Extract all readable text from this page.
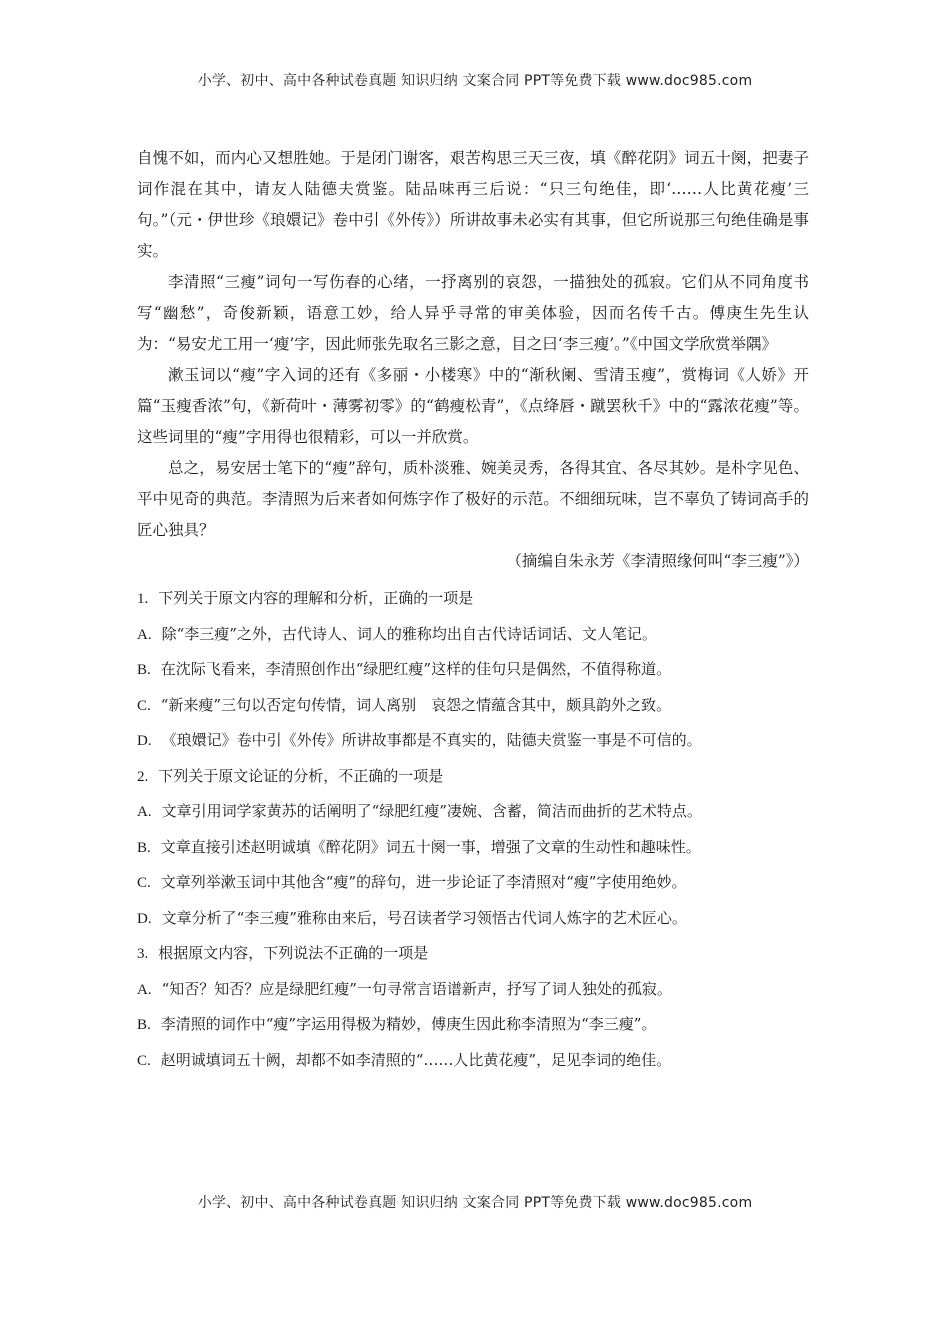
小学、初中、高中各种试卷真题 知识归纳 文案合同 PPT等免费下载 www.doc985.com

自愧不如，而内心又想胜她。于是闭门谢客，艰苦构思三天三夜，填《醉花阴》词五十阕，把妻子词作混在其中，请友人陆德夫赏鉴。陆品味再三后说：“只三句绝佳，即‘……人比黄花瘦’三句。”（元・伊世珍《琅嬛记》卷中引《外传》）所讲故事未必实有其事，但它所说那三句绝佳确是事实。

李清照“三瘦”词句一写伤春的心绪，一抒离别的哀怨，一描独处的孤寂。它们从不同角度书写“幽愁”，奇俊新颖，语意工妙，给人异乎寻常的审美体验，因而名传千古。傅庚生先生认为：“易安尤工用一‘瘦’字，因此师张先取名三影之意，目之曰‘李三瘦’。”《中国文学欣赏举隅》

漱玉词以“瘦”字入词的还有《多丽・小楼寒》中的“渐秋阑、雪清玉瘦”，赏梅词《人娇》开篇“玉瘦香浓”句，《新荷叶・薄雾初零》的“鹤瘦松青”，《点绛唇・蹴罢秋千》中的“露浓花瘦”等。这些词里的“瘦”字用得也很精彩，可以一并欣赏。

总之，易安居士笔下的“瘦”辞句，质朴淡雅、婉美灵秀，各得其宜、各尽其妙。是朴字见色、平中见奇的典范。李清照为后来者如何炼字作了极好的示范。不细细玩味，岂不辜负了铸词高手的匠心独具？

（摘编自朱永芳《李清照缘何叫“李三瘦”》）

1. 下列关于原文内容的理解和分析，正确的一项是

A. 除“李三瘦”之外，古代诗人、词人的雅称均出自古代诗话词话、文人笔记。

B. 在沈际飞看来，李清照创作出“绿肥红瘦”这样的佳句只是偶然，不值得称道。

C. “新来瘦”三句以否定句传情，词人离别　哀怨之情蕴含其中，颇具韵外之致。

D. 《琅嬛记》卷中引《外传》所讲故事都是不真实的，陆德夫赏鉴一事是不可信的。

2. 下列关于原文论证的分析，不正确的一项是

A. 文章引用词学家黄苏的话阐明了“绿肥红瘦”凄婉、含蓄，简洁而曲折的艺术特点。

B. 文章直接引述赵明诚填《醉花阴》词五十阕一事，增强了文章的生动性和趣味性。

C. 文章列举漱玉词中其他含“瘦”的辞句，进一步论证了李清照对“瘦”字使用绝妙。

D. 文章分析了“李三瘦”雅称由来后，号召读者学习领悟古代词人炼字的艺术匠心。

3. 根据原文内容，下列说法不正确的一项是

A. “知否？知否？应是绿肥红瘦”一句寻常言语谱新声，抒写了词人独处的孤寂。

B. 李清照的词作中“瘦”字运用得极为精妙，傅庚生因此称李清照为“李三瘦”。

C. 赵明诚填词五十阙，却都不如李清照的“……人比黄花瘦”，足见李词的绝佳。

小学、初中、高中各种试卷真题 知识归纳 文案合同 PPT等免费下载 www.doc985.com
